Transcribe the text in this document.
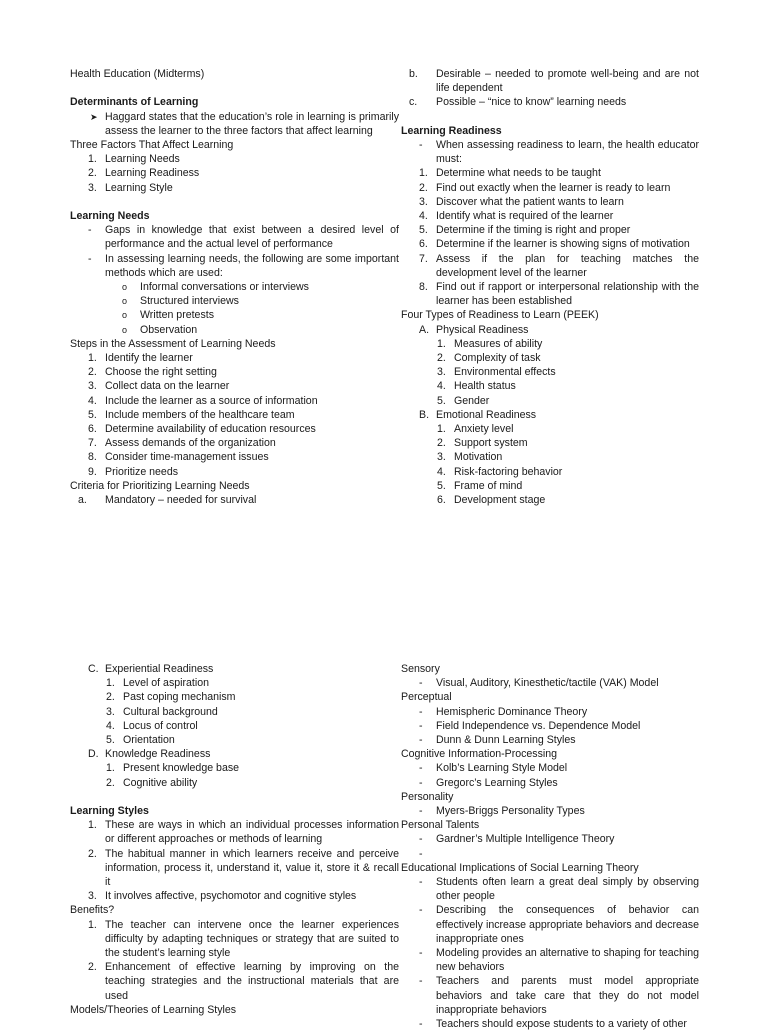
Health Education (Midterms)
Determinants of Learning
➤ Haggard states that the education’s role in learning is primarily assess the learner to the three factors that affect learning
Three Factors That Affect Learning
1. Learning Needs
2. Learning Readiness
3. Learning Style
Learning Needs
-	Gaps in knowledge that exist between a desired level of performance and the actual level of performance
-	In assessing learning needs, the following are some important methods which are used:
o	Informal conversations or interviews
o	Structured interviews
o	Written pretests
o	Observation
Steps in the Assessment of Learning Needs
1. Identify the learner
2. Choose the right setting
3. Collect data on the learner
4. Include the learner as a source of information
5. Include members of the healthcare team
6. Determine availability of education resources
7. Assess demands of the organization
8. Consider time-management issues
9. Prioritize needs
Criteria for Prioritizing Learning Needs
a.	Mandatory – needed for survival
b.	Desirable – needed to promote well-being and are not life dependent
c.	Possible – “nice to know” learning needs
Learning Readiness
-	When assessing readiness to learn, the health educator must:
1. Determine what needs to be taught
2. Find out exactly when the learner is ready to learn
3. Discover what the patient wants to learn
4. Identify what is required of the learner
5. Determine if the timing is right and proper
6. Determine if the learner is showing signs of motivation
7. Assess if the plan for teaching matches the development level of the learner
8. Find out if rapport or interpersonal relationship with the learner has been established
Four Types of Readiness to Learn (PEEK)
A. Physical Readiness
1. Measures of ability
2. Complexity of task
3. Environmental effects
4. Health status
5. Gender
B. Emotional Readiness
1. Anxiety level
2. Support system
3. Motivation
4. Risk-factoring behavior
5. Frame of mind
6. Development stage
C. Experiential Readiness
1. Level of aspiration
2. Past coping mechanism
3. Cultural background
4. Locus of control
5. Orientation
D. Knowledge Readiness
1. Present knowledge base
2. Cognitive ability
Learning Styles
1. These are ways in which an individual processes information or different approaches or methods of learning
2. The habitual manner in which learners receive and perceive information, process it, understand it, value it, store it & recall it
3. It involves affective, psychomotor and cognitive styles
Benefits?
1. The teacher can intervene once the learner experiences difficulty by adapting techniques or strategy that are suited to the student’s learning style
2. Enhancement of effective learning by improving on the teaching strategies and the instructional materials that are used
Models/Theories of Learning Styles
Sensory
-	Visual, Auditory, Kinesthetic/tactile (VAK) Model
Perceptual
-	Hemispheric Dominance Theory
-	Field Independence vs. Dependence Model
-	Dunn & Dunn Learning Styles
Cognitive Information-Processing
-	Kolb’s Learning Style Model
-	Gregorc’s Learning Styles
Personality
-	Myers-Briggs Personality Types
Personal Talents
-	Gardner’s Multiple Intelligence Theory
-
Educational Implications of Social Learning Theory
-	Students often learn a great deal simply by observing other people
-	Describing the consequences of behavior can effectively increase appropriate behaviors and decrease inappropriate ones
-	Modeling provides an alternative to shaping for teaching new behaviors
-	Teachers and parents must model appropriate behaviors and take care that they do not model inappropriate behaviors
-	Teachers should expose students to a variety of other
